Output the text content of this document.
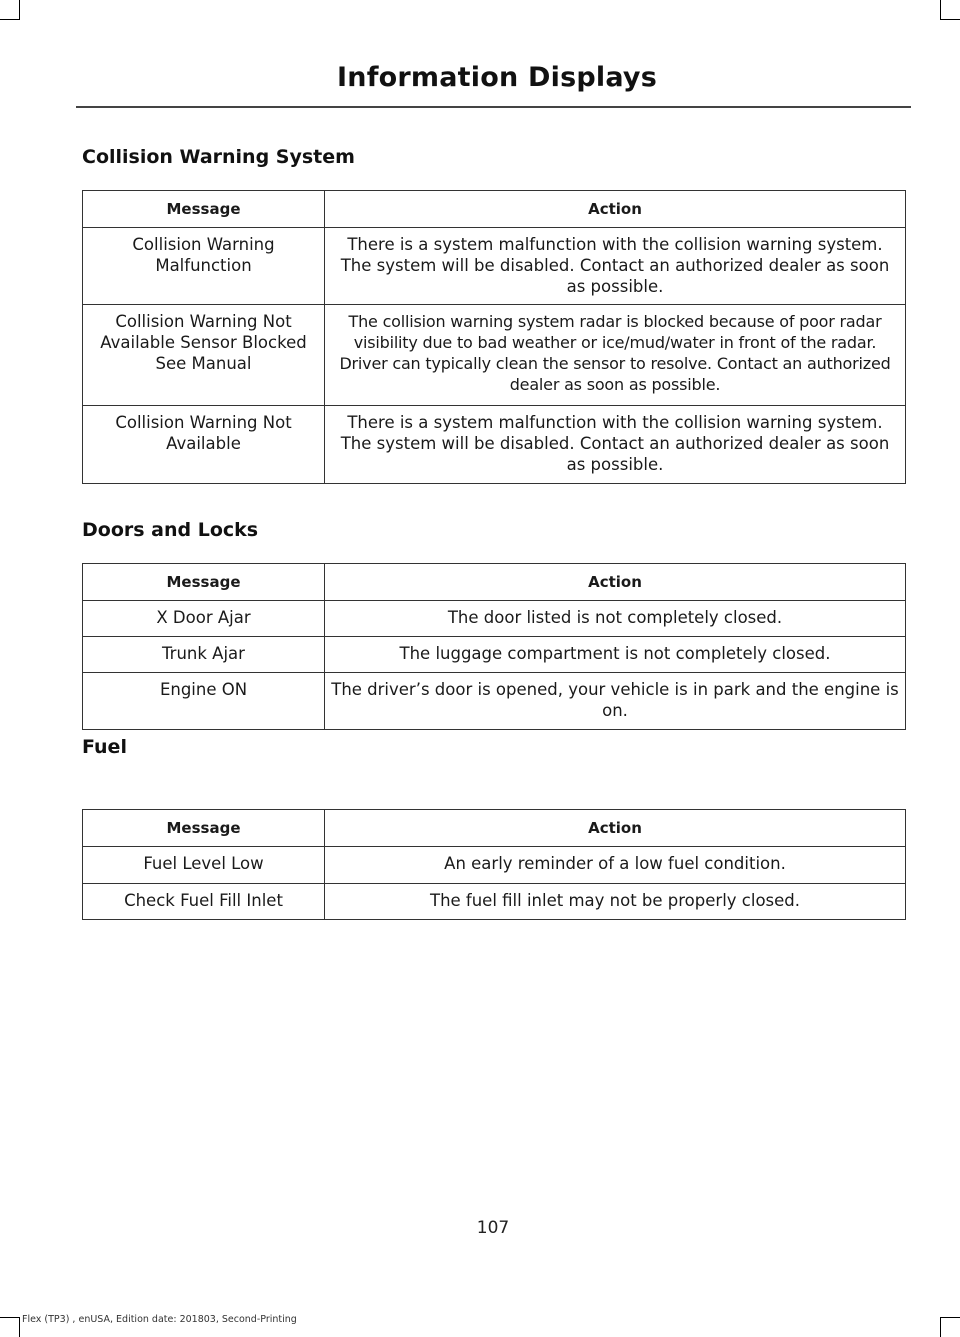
Information Displays
Collision Warning System
Message	Action
Collision Warning Malfunction	There is a system malfunction with the collision warning system. The system will be disabled. Contact an authorized dealer as soon as possible.
Collision Warning Not Available Sensor Blocked See Manual	The collision warning system radar is blocked because of poor radar visibility due to bad weather or ice/mud/water in front of the radar. Driver can typically clean the sensor to resolve. Contact an authorized dealer as soon as possible.
Collision Warning Not Available	There is a system malfunction with the collision warning system. The system will be disabled. Contact an authorized dealer as soon as possible.
Doors and Locks
Message	Action
X Door Ajar	The door listed is not completely closed.
Trunk Ajar	The luggage compartment is not completely closed.
Engine ON	The driver’s door is opened, your vehicle is in park and the engine is on.
Fuel
Message	Action
Fuel Level Low	An early reminder of a low fuel condition.
Check Fuel Fill Inlet	The fuel fill inlet may not be properly closed.
107
Flex (TP3) , enUSA, Edition date: 201803, Second-Printing
